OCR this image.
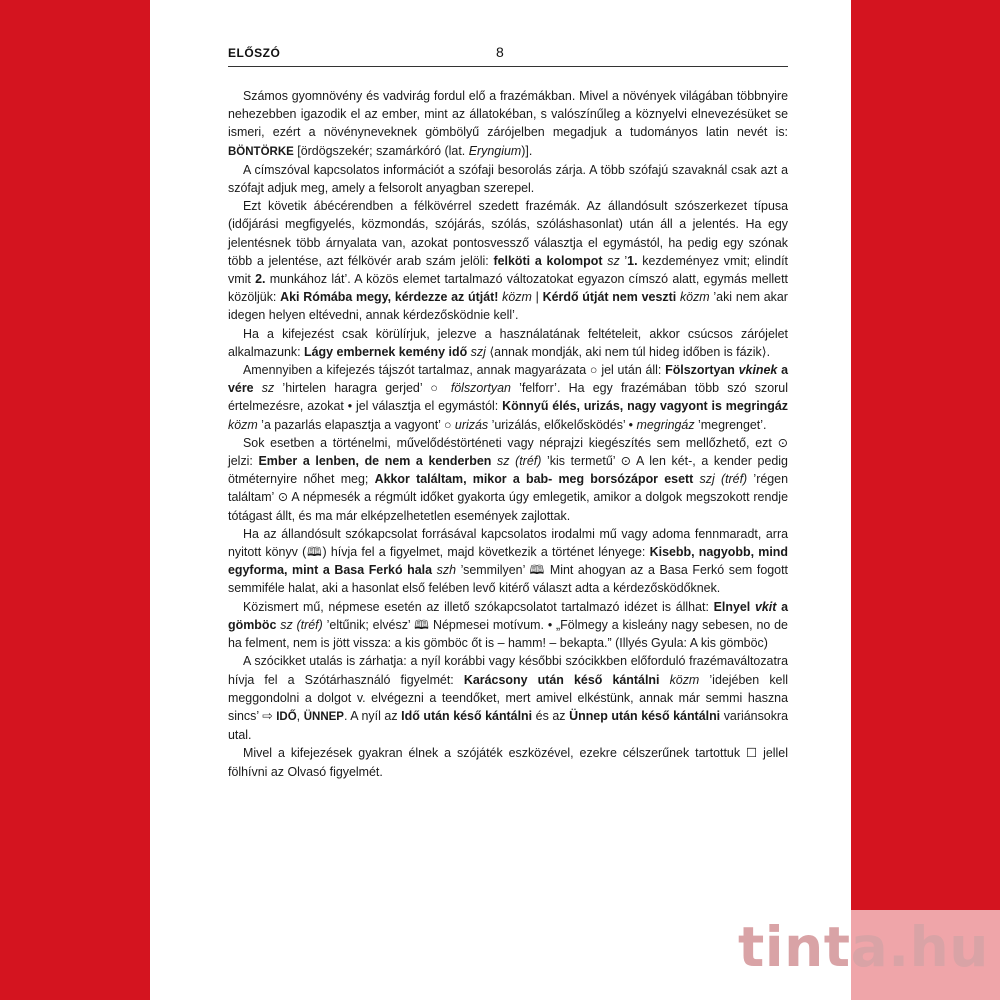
ELŐSZÓ	8

Számos gyomnövény és vadvirág fordul elő a frazémákban. Mivel a növények világában többnyire nehezebben igazodik el az ember, mint az állatokéban, s valószínűleg a köznyelvi elnevezésüket se ismeri, ezért a növényneveknek gömbölyű zárójelben megadjuk a tudományos latin nevét is: BÖNTÖRKE [ördögszekér; szamárkóró (lat. Eryngium)].

A címszóval kapcsolatos információt a szófaji besorolás zárja. A több szófajú szavaknál csak azt a szófajt adjuk meg, amely a felsorolt anyagban szerepel.

Ezt követik ábécérendben a félkövérrel szedett frazémák. Az állandósult szószerkezet típusa (időjárási megfigyelés, közmondás, szójárás, szólás, szóláshasonlat) után áll a jelentés. Ha egy jelentésnek több árnyalata van, azokat pontosvessző választja el egymástól, ha pedig egy szónak több a jelentése, azt félkövér arab szám jelöli: felköti a kolompot sz ’1. kezdeményez vmit; elindít vmit 2. munkához lát’. A közös elemet tartalmazó változatokat egyazon címszó alatt, egymás mellett közöljük: Aki Rómába megy, kérdezze az útját! közm | Kérdő útját nem veszti közm ’aki nem akar idegen helyen eltévedni, annak kérdezősködnie kell’.

Ha a kifejezést csak körülírjuk, jelezve a használatának feltételeit, akkor csúcsos zárójelet alkalmazunk: Lágy embernek kemény idő szj ⟨annak mondják, aki nem túl hideg időben is fázik⟩.

Amennyiben a kifejezés tájszót tartalmaz, annak magyarázata ○ jel után áll: Fölszortyan vkinek a vére sz ’hirtelen haragra gerjed’ ○ fölszortyan ’felforr’. Ha egy frazémában több szó szorul értelmezésre, azokat • jel választja el egymástól: Könnyű élés, urizás, nagy vagyont is megringáz közm ’a pazarlás elapasztja a vagyont’ ○ urizás ’urizálás, előkelősködés’ • megringáz ’megrenget’.

Sok esetben a történelmi, művelődéstörténeti vagy néprajzi kiegészítés sem mellőzhető, ezt ⊙ jelzi: Ember a lenben, de nem a kenderben sz (tréf) ’kis termetű’ ⊙ A len két-, a kender pedig ötméternyire nőhet meg; Akkor találtam, mikor a bab- meg borsózápor esett szj (tréf) ’régen találtam’ ⊙ A népmesék a régmúlt időket gyakorta úgy emlegetik, amikor a dolgok megszokott rendje tótágast állt, és ma már elképzelhetetlen események zajlottak.

Ha az állandósult szókapcsolat forrásával kapcsolatos irodalmi mű vagy adoma fennmaradt, arra nyitott könyv (🕮) hívja fel a figyelmet, majd következik a történet lényege: Kisebb, nagyobb, mind egyforma, mint a Basa Ferkó hala szh ’semmilyen’ 🕮 Mint ahogyan az a Basa Ferkó sem fogott semmiféle halat, aki a hasonlat első felében levő kitérő választ adta a kérdezősködőknek.

Közismert mű, népmese esetén az illető szókapcsolatot tartalmazó idézet is állhat: Elnyel vkit a gömböc sz (tréf) ’eltűnik; elvész’ 🕮 Népmesei motívum. • „Fölmegy a kisleány nagy sebesen, no de ha felment, nem is jött vissza: a kis gömböc őt is – hamm! – bekapta.” (Illyés Gyula: A kis gömböc)

A szócikket utalás is zárhatja: a nyíl korábbi vagy későbbi szócikkben előforduló frazémaváltozatra hívja fel a Szótárhasználó figyelmét: Karácsony után késő kántálni közm ’idejében kell meggondolni a dolgot v. elvégezni a teendőket, mert amivel elkéstünk, annak már semmi haszna sincs’ ⇨ IDŐ, ÜNNEP. A nyíl az Idő után késő kántálni és az Ünnep után késő kántálni variánsokra utal.

Mivel a kifejezések gyakran élnek a szójáték eszközével, ezekre célszerűnek tartottuk ☐ jellel fölhívni az Olvasó figyelmét.

tinta.hu
